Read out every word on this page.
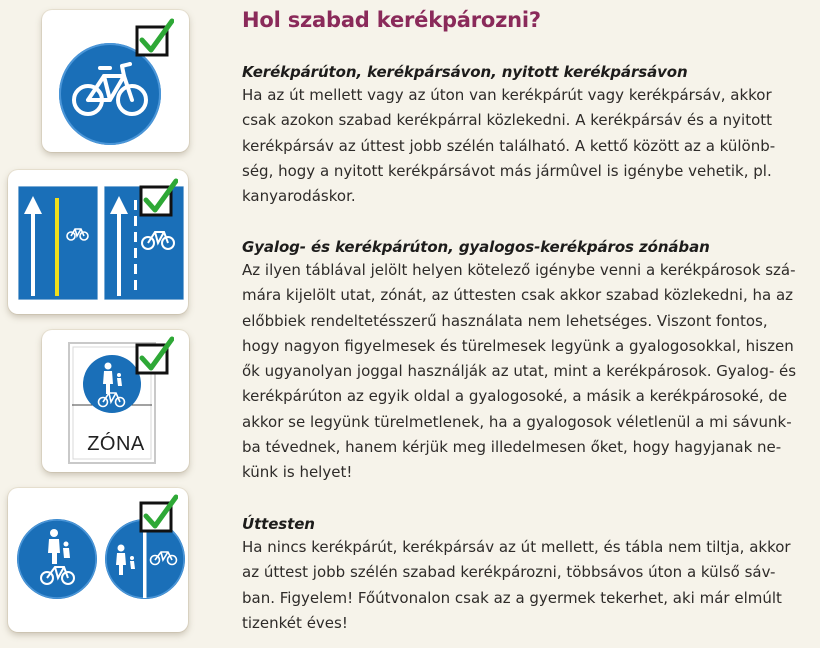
Hol szabad kerékpározni?
Kerékpárúton, kerékpársávon, nyitott kerékpársávon

Ha az út mellett vagy az úton van kerékpárút vagy kerékpársáv, akkor
csak azokon szabad kerékpárral közlekedni. A kerékpársáv és a nyitott
kerékpársáv az úttest jobb szélén található. A kettő között az a különb-
ség, hogy a nyitott kerékpársávot más jármûvel is igénybe vehetik, pl.
kanyarodáskor.

Gyalog- és kerékpárúton, gyalogos-kerékpáros zónában

Az ilyen táblával jelölt helyen kötelező igénybe venni a kerékpárosok szá-
mára kijelölt utat, zónát, az úttesten csak akkor szabad közlekedni, ha az
előbbiek rendeltetésszerű használata nem lehetséges. Viszont fontos,
hogy nagyon figyelmesek és türelmesek legyünk a gyalogosokkal, hiszen
ők ugyanolyan joggal használják az utat, mint a kerékpárosok. Gyalog- és
kerékpárúton az egyik oldal a gyalogosoké, a másik a kerékpárosoké, de
akkor se legyünk türelmetlenek, ha a gyalogosok véletlenül a mi sávunk-
ba tévednek, hanem kérjük meg illedelmesen őket, hogy hagyjanak ne-
künk is helyet!

Úttesten

Ha nincs kerékpárút, kerékpársáv az út mellett, és tábla nem tiltja, akkor
az úttest jobb szélén szabad kerékpározni, többsávos úton a külső sáv-
ban. Figyelem! Főútvonalon csak az a gyermek tekerhet, aki már elmúlt
tizenkét éves!

ZÓNA
